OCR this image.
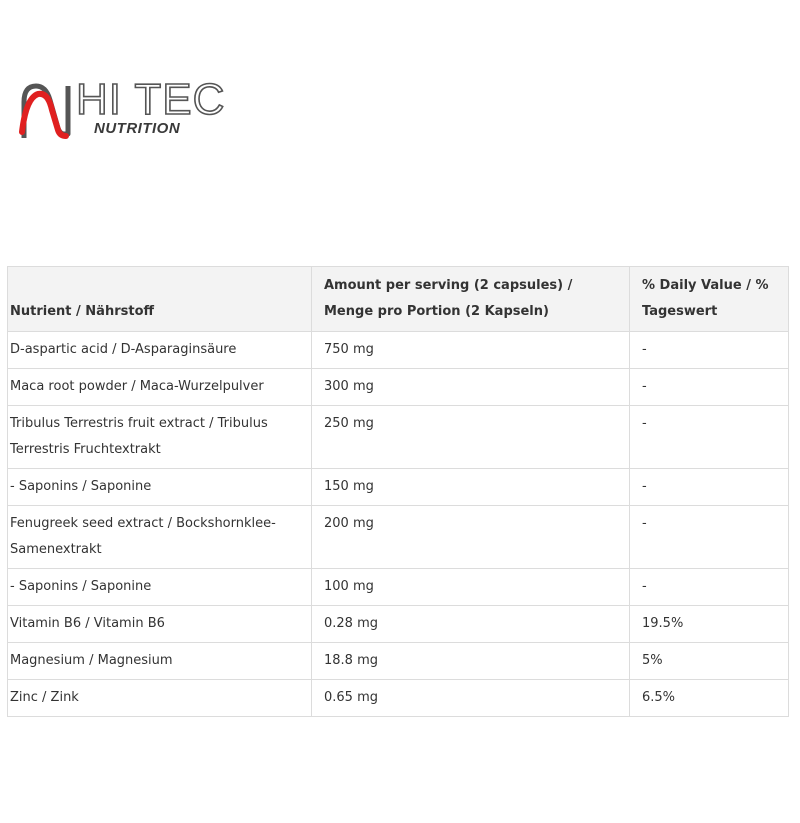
HI TEC
NUTRITION
Nutrient / Nährstoff	Amount per serving (2 capsules) / Menge pro Portion (2 Kapseln)	% Daily Value / % Tageswert
D-aspartic acid / D-Asparaginsäure	750 mg	-
Maca root powder / Maca-Wurzelpulver	300 mg	-
Tribulus Terrestris fruit extract / Tribulus Terrestris Fruchtextrakt	250 mg	-
- Saponins / Saponine	150 mg	-
Fenugreek seed extract / Bockshornklee-Samenextrakt	200 mg	-
- Saponins / Saponine	100 mg	-
Vitamin B6 / Vitamin B6	0.28 mg	19.5%
Magnesium / Magnesium	18.8 mg	5%
Zinc / Zink	0.65 mg	6.5%
